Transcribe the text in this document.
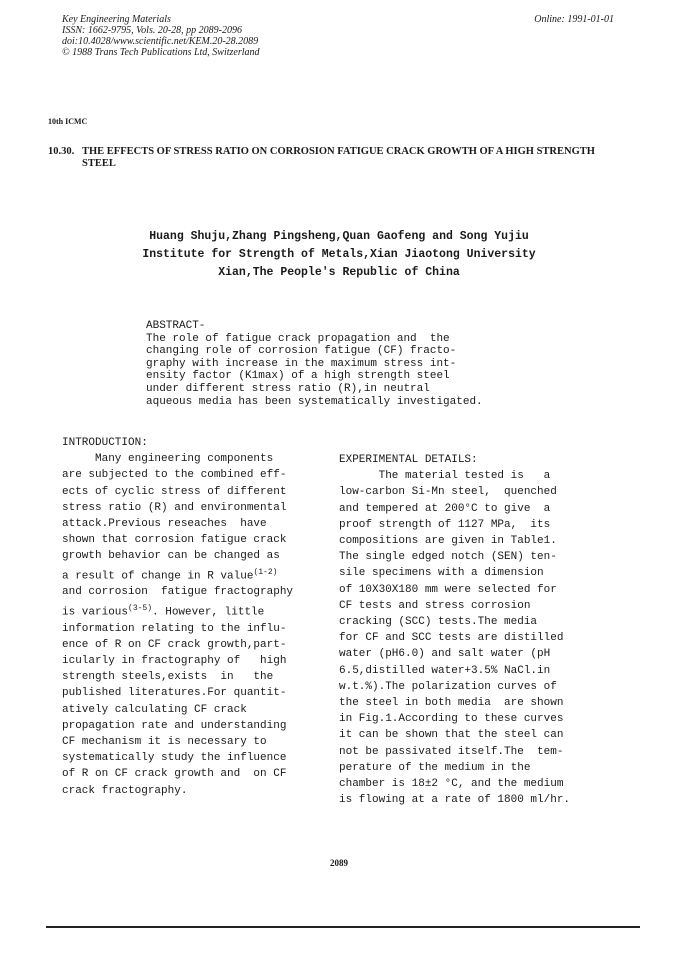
Key Engineering Materials
ISSN: 1662-9795, Vols. 20-28, pp 2089-2096
doi:10.4028/www.scientific.net/KEM.20-28.2089
© 1988 Trans Tech Publications Ltd, Switzerland
Online: 1991-01-01
10th ICMC
10.30. THE EFFECTS OF STRESS RATIO ON CORROSION FATIGUE CRACK GROWTH OF A HIGH STRENGTH
STEEL
Huang Shuju,Zhang Pingsheng,Quan Gaofeng and Song Yujiu
Institute for Strength of Metals,Xian Jiaotong University
Xian,The People's Republic of China
ABSTRACT-
The role of fatigue crack propagation and  the
changing role of corrosion fatigue (CF) fracto-
graphy with increase in the maximum stress int-
ensity factor (K1max) of a high strength steel
under different stress ratio (R),in neutral
aqueous media has been systematically investigated.
INTRODUCTION:
Many engineering components
are subjected to the combined eff-
ects of cyclic stress of different
stress ratio (R) and environmental
attack.Previous reseaches  have
shown that corrosion fatigue crack
growth behavior can be changed as
a result of change in R value$^{(1-2)}$
and corrosion  fatigue fractography
is various$^{(3-5)}$. However, little
information relating to the influ-
ence of R on CF crack growth,part-
icularly in fractography of   high
strength steels,exists  in   the
published literatures.For quantit-
atively calculating CF crack
propagation rate and understanding
CF mechanism it is necessary to
systematically study the influence
of R on CF crack growth and  on CF
crack fractography.
EXPERIMENTAL DETAILS:
The material tested is   a
low-carbon Si-Mn steel,  quenched
and tempered at 200°C to give  a
proof strength of 1127 MPa,  its
compositions are given in Table1.
The single edged notch (SEN) ten-
sile specimens with a dimension
of 10X30X180 mm were selected for
CF tests and stress corrosion
cracking (SCC) tests.The media
for CF and SCC tests are distilled
water (pH6.0) and salt water (pH
6.5,distilled water+3.5% NaCl.in
w.t.%).The polarization curves of
the steel in both media  are shown
in Fig.1.According to these curves
it can be shown that the steel can
not be passivated itself.The  tem-
perature of the medium in the
chamber is 18±2 °C, and the medium
is flowing at a rate of 1800 ml/hr.
2089
